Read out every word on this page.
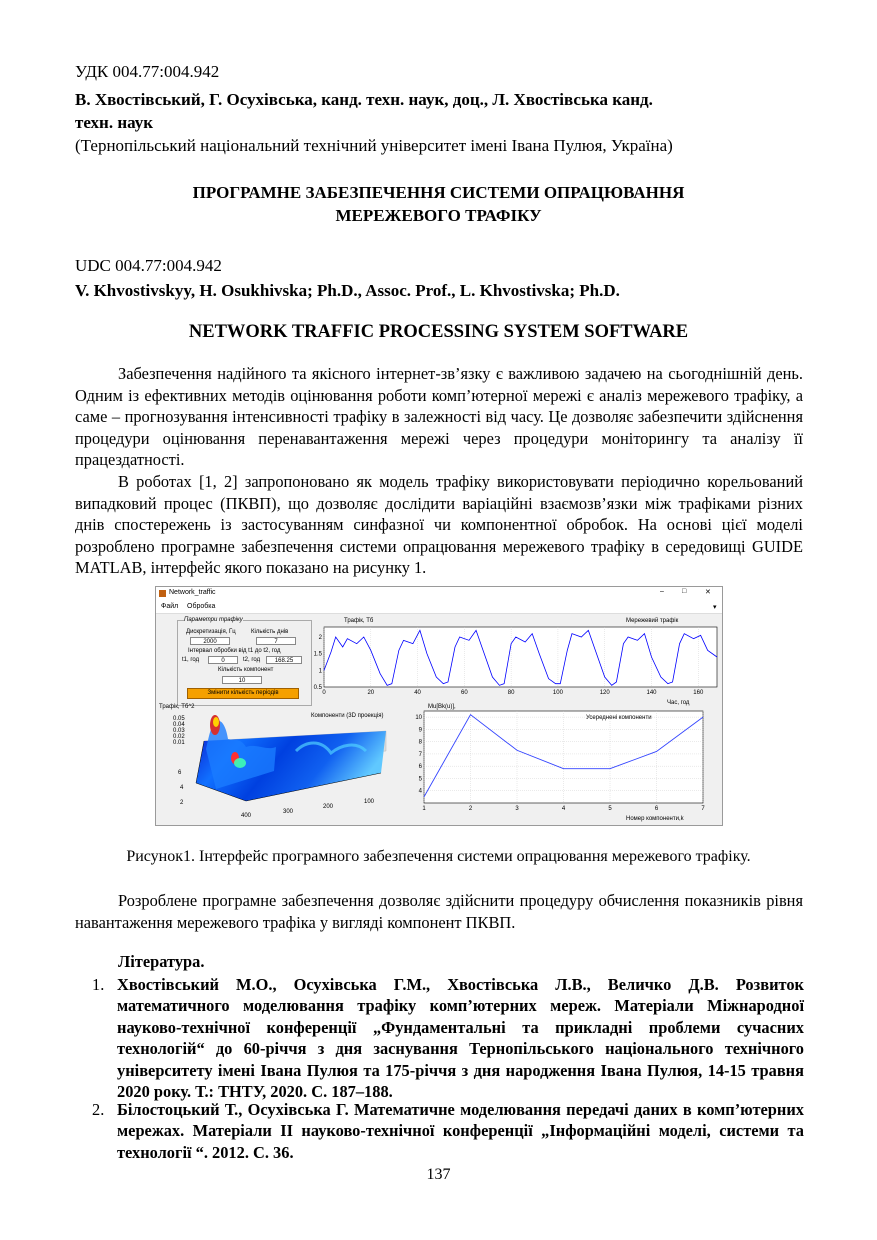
УДК 004.77:004.942
В. Хвостівський, Г. Осухівська, канд. техн. наук, доц., Л. Хвостівська канд.
техн. наук
(Тернопільський національний технічний університет імені Івана Пулюя, Україна)
ПРОГРАМНЕ ЗАБЕЗПЕЧЕННЯ СИСТЕМИ ОПРАЦЮВАННЯ
МЕРЕЖЕВОГО ТРАФІКУ
UDC 004.77:004.942
V. Khvostivskyy, H. Osukhivska; Ph.D., Assoc. Prof., L. Khvostivska; Ph.D.
NETWORK TRAFFIC PROCESSING SYSTEM SOFTWARE

Забезпечення надійного та якісного інтернет-зв’язку є важливою задачею на сьогоднішній день. Одним із ефективних методів оцінювання роботи комп’ютерної мережі є аналіз мережевого трафіку, а саме – прогнозування інтенсивності трафіку в залежності від часу. Це дозволяє забезпечити здійснення процедури оцінювання перенавантаження мережі через процедури моніторингу та аналізу її працездатності.

В роботах [1, 2] запропоновано як модель трафіку використовувати періодично корельований випадковий процес (ПКВП), що дозволяє дослідити варіаційні взаємозв’язки між трафіками різних днів спостережень із застосуванням синфазної чи компонентної обробок. На основі цієї моделі розроблено програмне забезпечення системи опрацювання мережевого трафіку в середовищі GUIDE MATLAB, інтерфейс якого показано на рисунку 1.

Network_traffic	–	□	✕
Файл Обробка	▾
Параметри трафіку
Дискретизація, Гц	Кількість днів
2000	7
Інтервал обробки від t1 до t2, год
t1, год	0	t2, год	168.25
Кількість компонент
10
Змінити кількість періодів
Трафік, Тб
0.5
1
1.5
2
0	20	40	60	80	100	120	140	160
Мережевий трафік
Час, год
Трафік, Тб^2
Компоненти (3D проекція)
0.05
0.04
0.03
0.02
0.01
2
4
6
400
300
200
100
Mu[Bk(u)],
4
5
6
7
8
9
10
1	2	3	4	5	6	7
Усереднені компоненти
Номер компоненти,k
Рисунок1. Інтерфейс програмного забезпечення системи опрацювання мережевого трафіку.

Розроблене програмне забезпечення дозволяє здійснити процедуру обчислення показників рівня навантаження мережевого трафіка у вигляді компонент ПКВП.

Література.
1. Хвостівський М.О., Осухівська Г.М., Хвостівська Л.В., Величко Д.В. Розвиток математичного моделювання трафіку комп’ютерних мереж. Матеріали Міжнародної науково-технічної конференції „Фундаментальні та прикладні проблеми сучасних технологій“ до 60-річчя з дня заснування Тернопільського національного технічного університету імені Івана Пулюя та 175-річчя з дня народження Івана Пулюя, 14-15 травня 2020 року. Т.: ТНТУ, 2020. С. 187–188.
2. Білостоцький Т., Осухівська Г. Математичне моделювання передачі даних в комп’ютерних мережах. Матеріали ІІ науково-технічної конференції „Інформаційні моделі, системи та технології “. 2012. С. 36.
137
